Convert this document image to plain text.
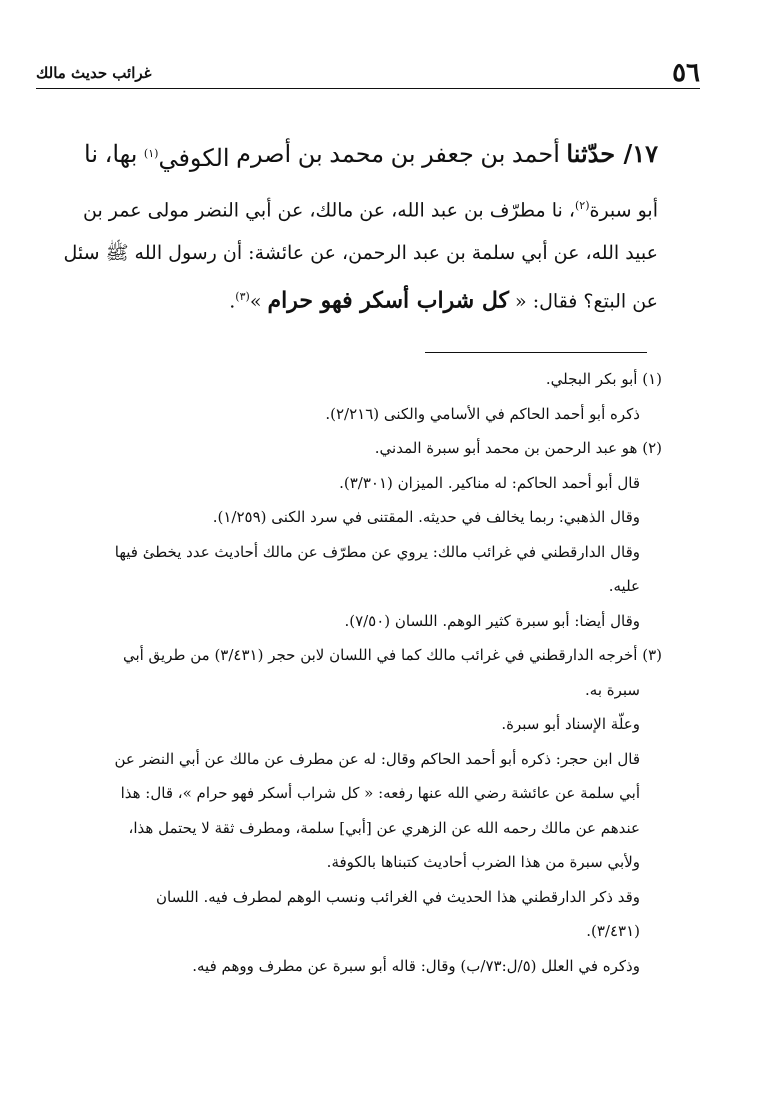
٥٦
غرائب حديث مالك
١٧/ حدّثنا
أحمد
بن
جعفر
بن
محمد
بن
أصرم
الكوفي$^{(١)}$
بها،
نا
أبو سبرة$^{(٢)}$، نا مطرّف بن عبد الله، عن مالك، عن أبي النضر مولى عمر بن
عبيد الله، عن أبي سلمة بن عبد الرحمن، عن عائشة: أن رسول الله ﷺ سئل
عن البتع؟ فقال: « كل شراب أسكر فهو حرام »$^{(٣)}$.
(١) أبو بكر البجلي.
ذكره أبو أحمد الحاكم في الأسامي والكنى (٢/٢١٦).
(٢) هو عبد الرحمن بن محمد أبو سبرة المدني.
قال أبو أحمد الحاكم: له مناكير. الميزان (٣/٣٠١).
وقال الذهبي: ربما يخالف في حديثه. المقتنى في سرد الكنى (١/٢٥٩).
وقال الدارقطني في غرائب مالك: يروي عن مطرّف عن مالك أحاديث عدد يخطئ فيها
عليه.
وقال أيضا: أبو سبرة كثير الوهم. اللسان (٧/٥٠).
(٣) أخرجه الدارقطني في غرائب مالك كما في اللسان لابن حجر (٣/٤٣١) من طريق أبي
سبرة به.
وعلّة الإسناد أبو سبرة.
قال ابن حجر: ذكره أبو أحمد الحاكم وقال: له عن مطرف عن مالك عن أبي النضر عن
أبي سلمة عن عائشة رضي الله عنها رفعه: « كل شراب أسكر فهو حرام »، قال: هذا
عندهم عن مالك رحمه الله عن الزهري عن [أبي] سلمة، ومطرف ثقة لا يحتمل هذا،
ولأبي سبرة من هذا الضرب أحاديث كتبناها بالكوفة.
وقد ذكر الدارقطني هذا الحديث في الغرائب ونسب الوهم لمطرف فيه. اللسان
(٣/٤٣١).
وذكره في العلل (٥/ل:٧٣/ب) وقال: قاله أبو سبرة عن مطرف ووهم فيه.
